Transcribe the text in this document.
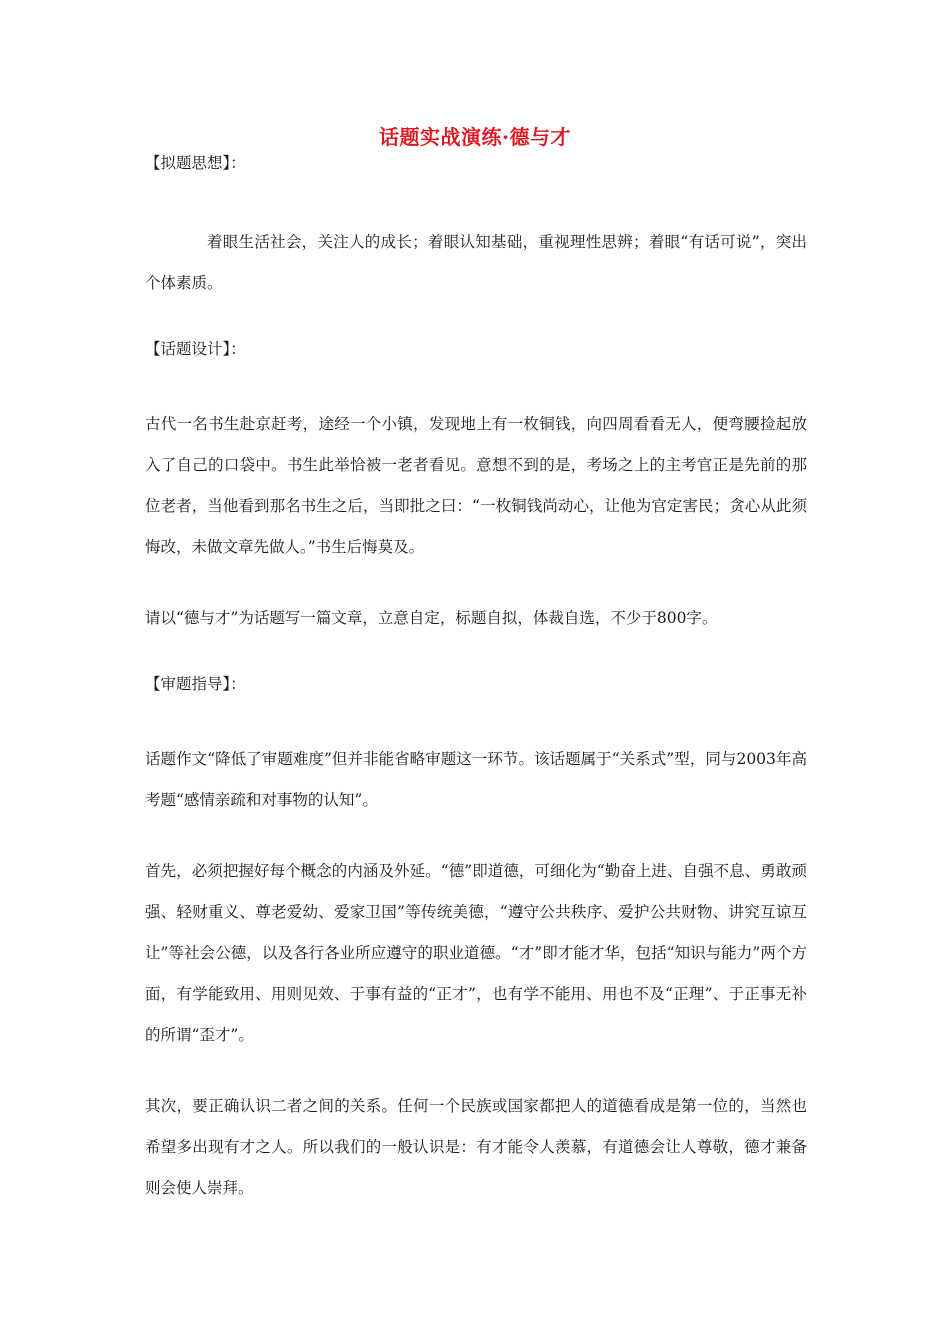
话题实战演练·德与才

【拟题思想】：

着眼生活社会，关注人的成长；着眼认知基础，重视理性思辨；着眼“有话可说”，突出个体素质。

【话题设计】：

古代一名书生赴京赶考，途经一个小镇，发现地上有一枚铜钱，向四周看看无人，便弯腰捡起放入了自己的口袋中。书生此举恰被一老者看见。意想不到的是，考场之上的主考官正是先前的那位老者，当他看到那名书生之后，当即批之曰：“一枚铜钱尚动心，让他为官定害民；贪心从此须悔改，未做文章先做人。”书生后悔莫及。

请以“德与才”为话题写一篇文章，立意自定，标题自拟，体裁自选，不少于800字。

【审题指导】：

话题作文“降低了审题难度”但并非能省略审题这一环节。该话题属于“关系式”型，同与2003年高考题“感情亲疏和对事物的认知”。

首先，必须把握好每个概念的内涵及外延。“德”即道德，可细化为“勤奋上进、自强不息、勇敢顽强、轻财重义、尊老爱幼、爱家卫国”等传统美德，“遵守公共秩序、爱护公共财物、讲究互谅互让”等社会公德，以及各行各业所应遵守的职业道德。“才”即才能才华，包括“知识与能力”两个方面，有学能致用、用则见效、于事有益的“正才”，也有学不能用、用也不及“正理”、于正事无补的所谓“歪才”。

其次，要正确认识二者之间的关系。任何一个民族或国家都把人的道德看成是第一位的，当然也希望多出现有才之人。所以我们的一般认识是：有才能令人羡慕，有道德会让人尊敬，德才兼备则会使人崇拜。
